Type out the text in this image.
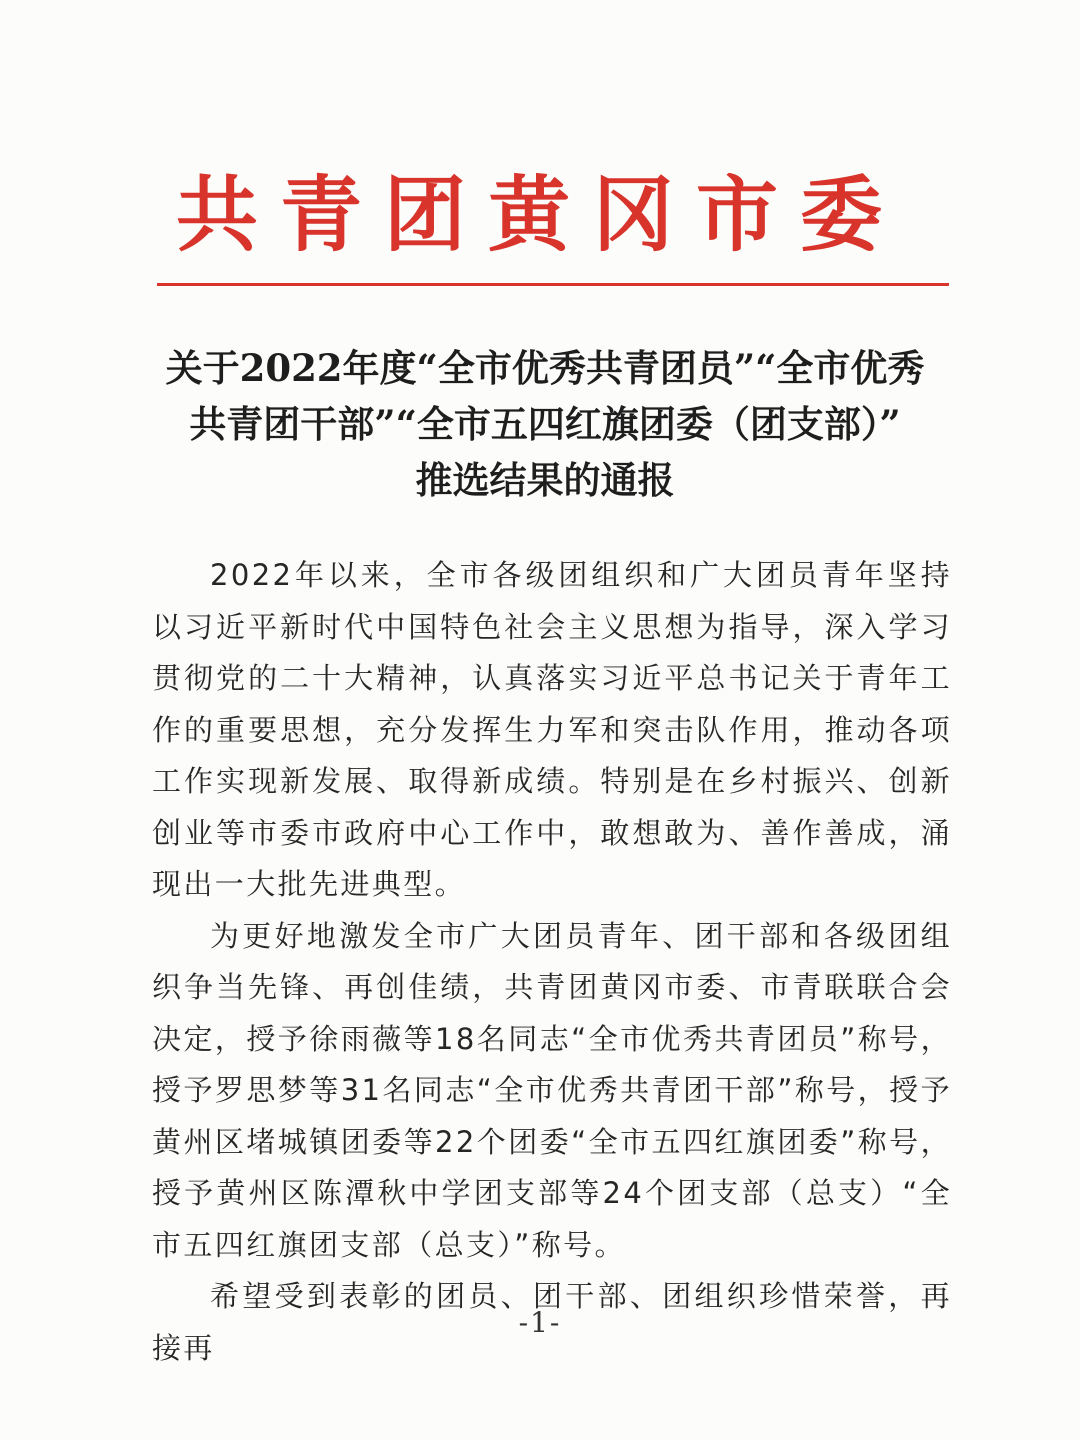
共青团黄冈市委
关于2022年度“全市优秀共青团员”“全市优秀
共青团干部”“全市五四红旗团委（团支部）”
推选结果的通报

2022年以来，全市各级团组织和广大团员青年坚持以习近平新时代中国特色社会主义思想为指导，深入学习贯彻党的二十大精神，认真落实习近平总书记关于青年工作的重要思想，充分发挥生力军和突击队作用，推动各项工作实现新发展、取得新成绩。特别是在乡村振兴、创新创业等市委市政府中心工作中，敢想敢为、善作善成，涌现出一大批先进典型。

为更好地激发全市广大团员青年、团干部和各级团组织争当先锋、再创佳绩，共青团黄冈市委、市青联联合会决定，授予徐雨薇等18名同志“全市优秀共青团员”称号，授予罗思梦等31名同志“全市优秀共青团干部”称号，授予黄州区堵城镇团委等22个团委“全市五四红旗团委”称号，授予黄州区陈潭秋中学团支部等24个团支部（总支）“全市五四红旗团支部（总支）”称号。

希望受到表彰的团员、团干部、团组织珍惜荣誉，再接再

-1-
